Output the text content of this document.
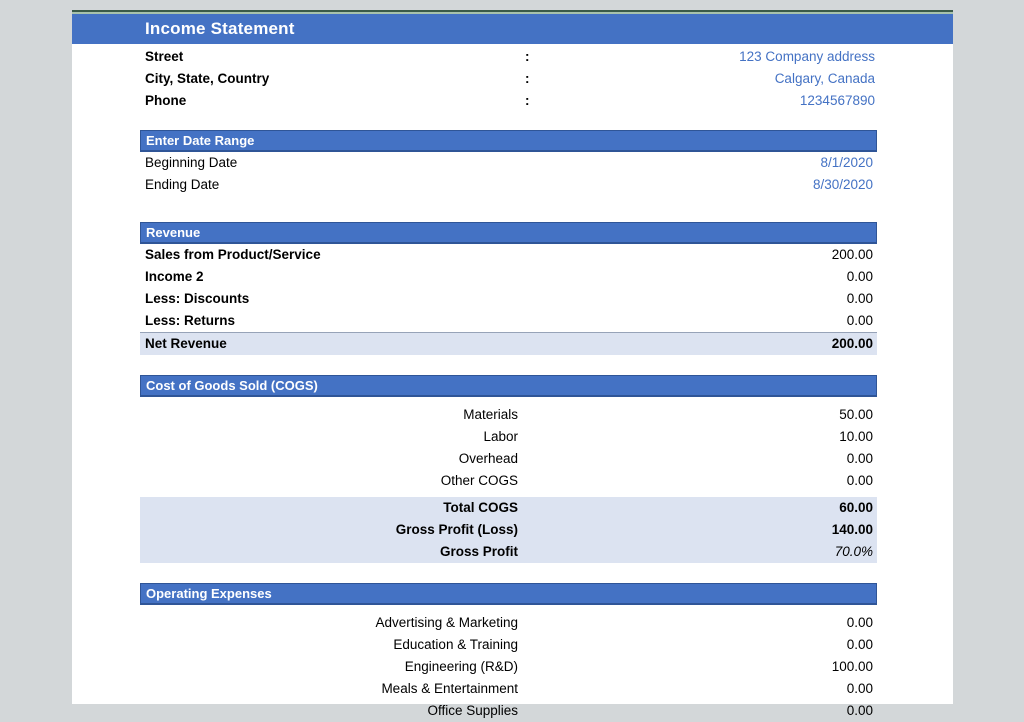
Income Statement
Street	:	123 Company address
City, State, Country	:	Calgary, Canada
Phone	:	1234567890
Enter Date Range
Beginning Date	8/1/2020
Ending Date	8/30/2020
Revenue
Sales from Product/Service	200.00
Income 2	0.00
Less: Discounts	0.00
Less: Returns	0.00
Net Revenue	200.00
Cost of Goods Sold (COGS)
Materials	50.00
Labor	10.00
Overhead	0.00
Other COGS	0.00
Total COGS	60.00
Gross Profit (Loss)	140.00
Gross Profit	70.0%
Operating Expenses
Advertising & Marketing	0.00
Education & Training	0.00
Engineering (R&D)	100.00
Meals & Entertainment	0.00
Office Supplies	0.00
